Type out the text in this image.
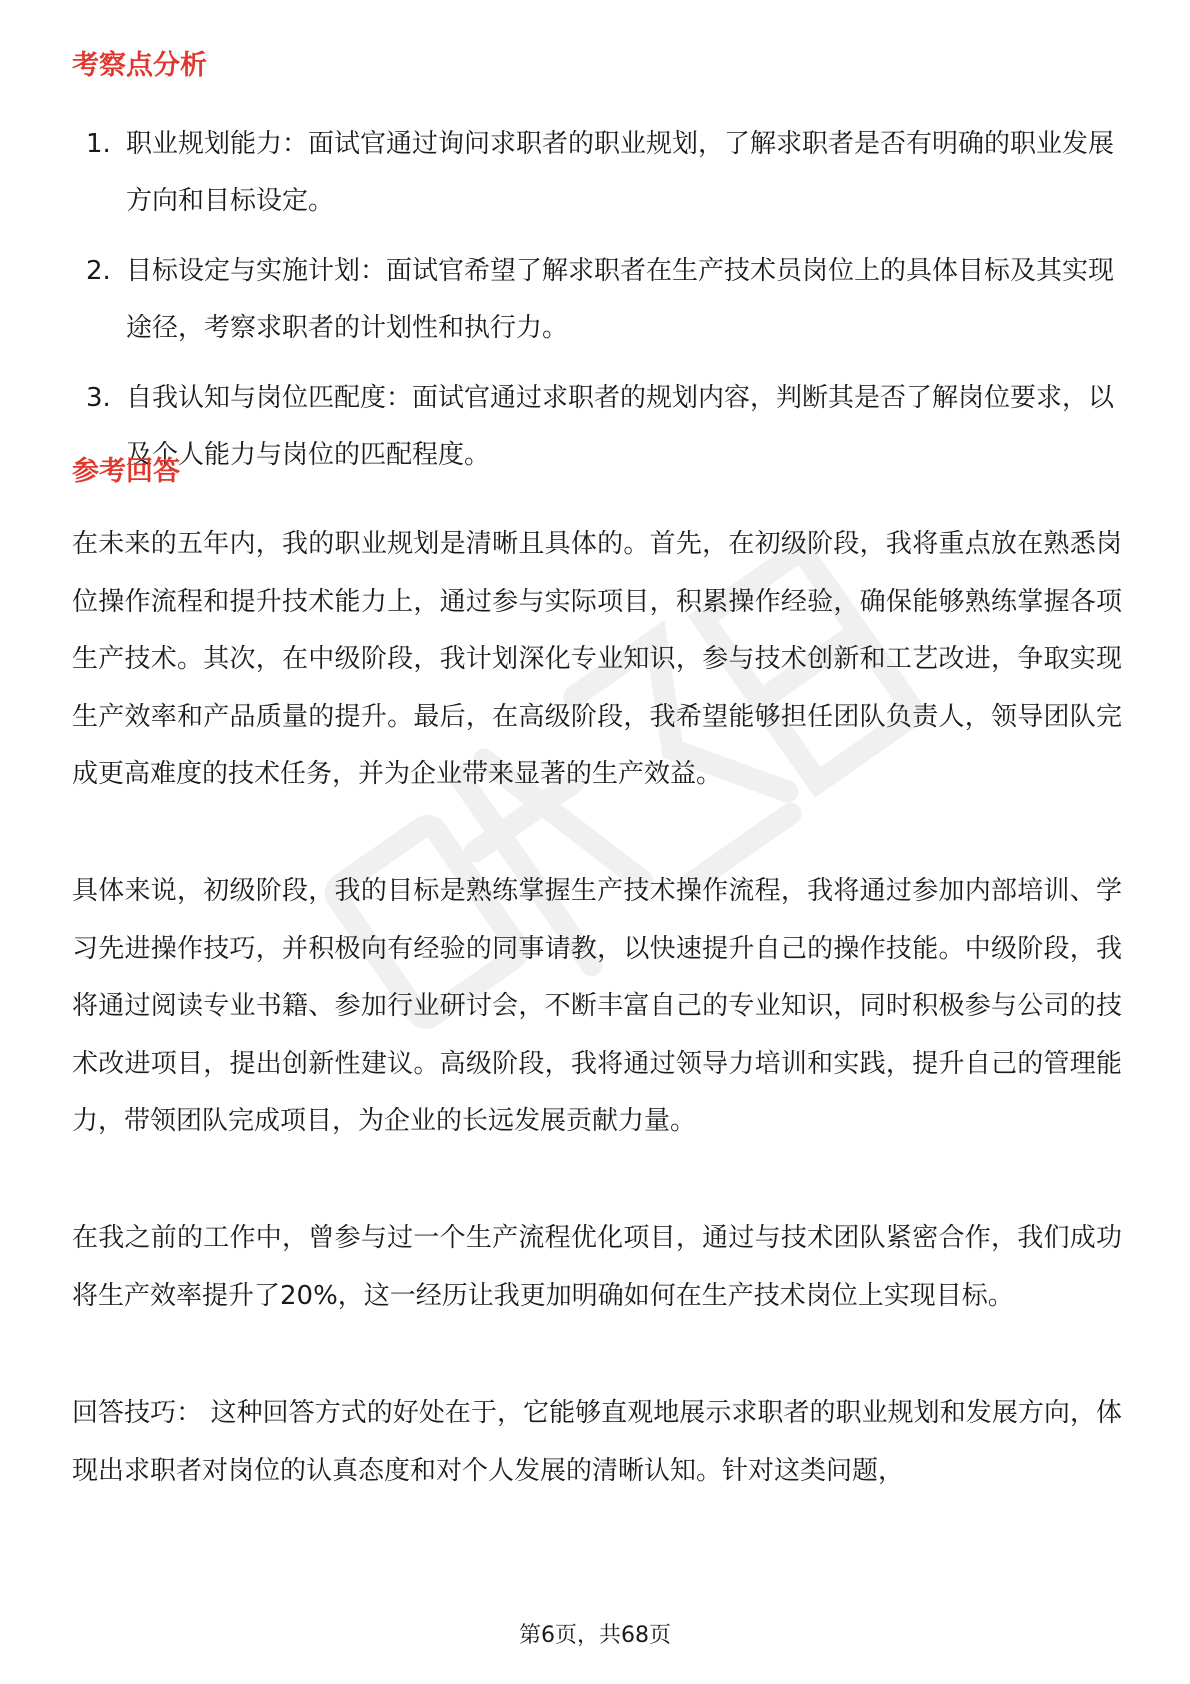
考察点分析
1. 职业规划能力：面试官通过询问求职者的职业规划，了解求职者是否有明确的职业发展方向和目标设定。
2. 目标设定与实施计划：面试官希望了解求职者在生产技术员岗位上的具体目标及其实现途径，考察求职者的计划性和执行力。
3. 自我认知与岗位匹配度：面试官通过求职者的规划内容，判断其是否了解岗位要求，以及个人能力与岗位的匹配程度。
参考回答

在未来的五年内，我的职业规划是清晰且具体的。首先，在初级阶段，我将重点放在熟悉岗位操作流程和提升技术能力上，通过参与实际项目，积累操作经验，确保能够熟练掌握各项生产技术。其次，在中级阶段，我计划深化专业知识，参与技术创新和工艺改进，争取实现生产效率和产品质量的提升。最后，在高级阶段，我希望能够担任团队负责人，领导团队完成更高难度的技术任务，并为企业带来显著的生产效益。

具体来说，初级阶段，我的目标是熟练掌握生产技术操作流程，我将通过参加内部培训、学习先进操作技巧，并积极向有经验的同事请教，以快速提升自己的操作技能。中级阶段，我将通过阅读专业书籍、参加行业研讨会，不断丰富自己的专业知识，同时积极参与公司的技术改进项目，提出创新性建议。高级阶段，我将通过领导力培训和实践，提升自己的管理能力，带领团队完成项目，为企业的长远发展贡献力量。

在我之前的工作中，曾参与过一个生产流程优化项目，通过与技术团队紧密合作，我们成功将生产效率提升了20%，这一经历让我更加明确如何在生产技术岗位上实现目标。

回答技巧： 这种回答方式的好处在于，它能够直观地展示求职者的职业规划和发展方向，体现出求职者对岗位的认真态度和对个人发展的清晰认知。针对这类问题，

第6页，共68页
